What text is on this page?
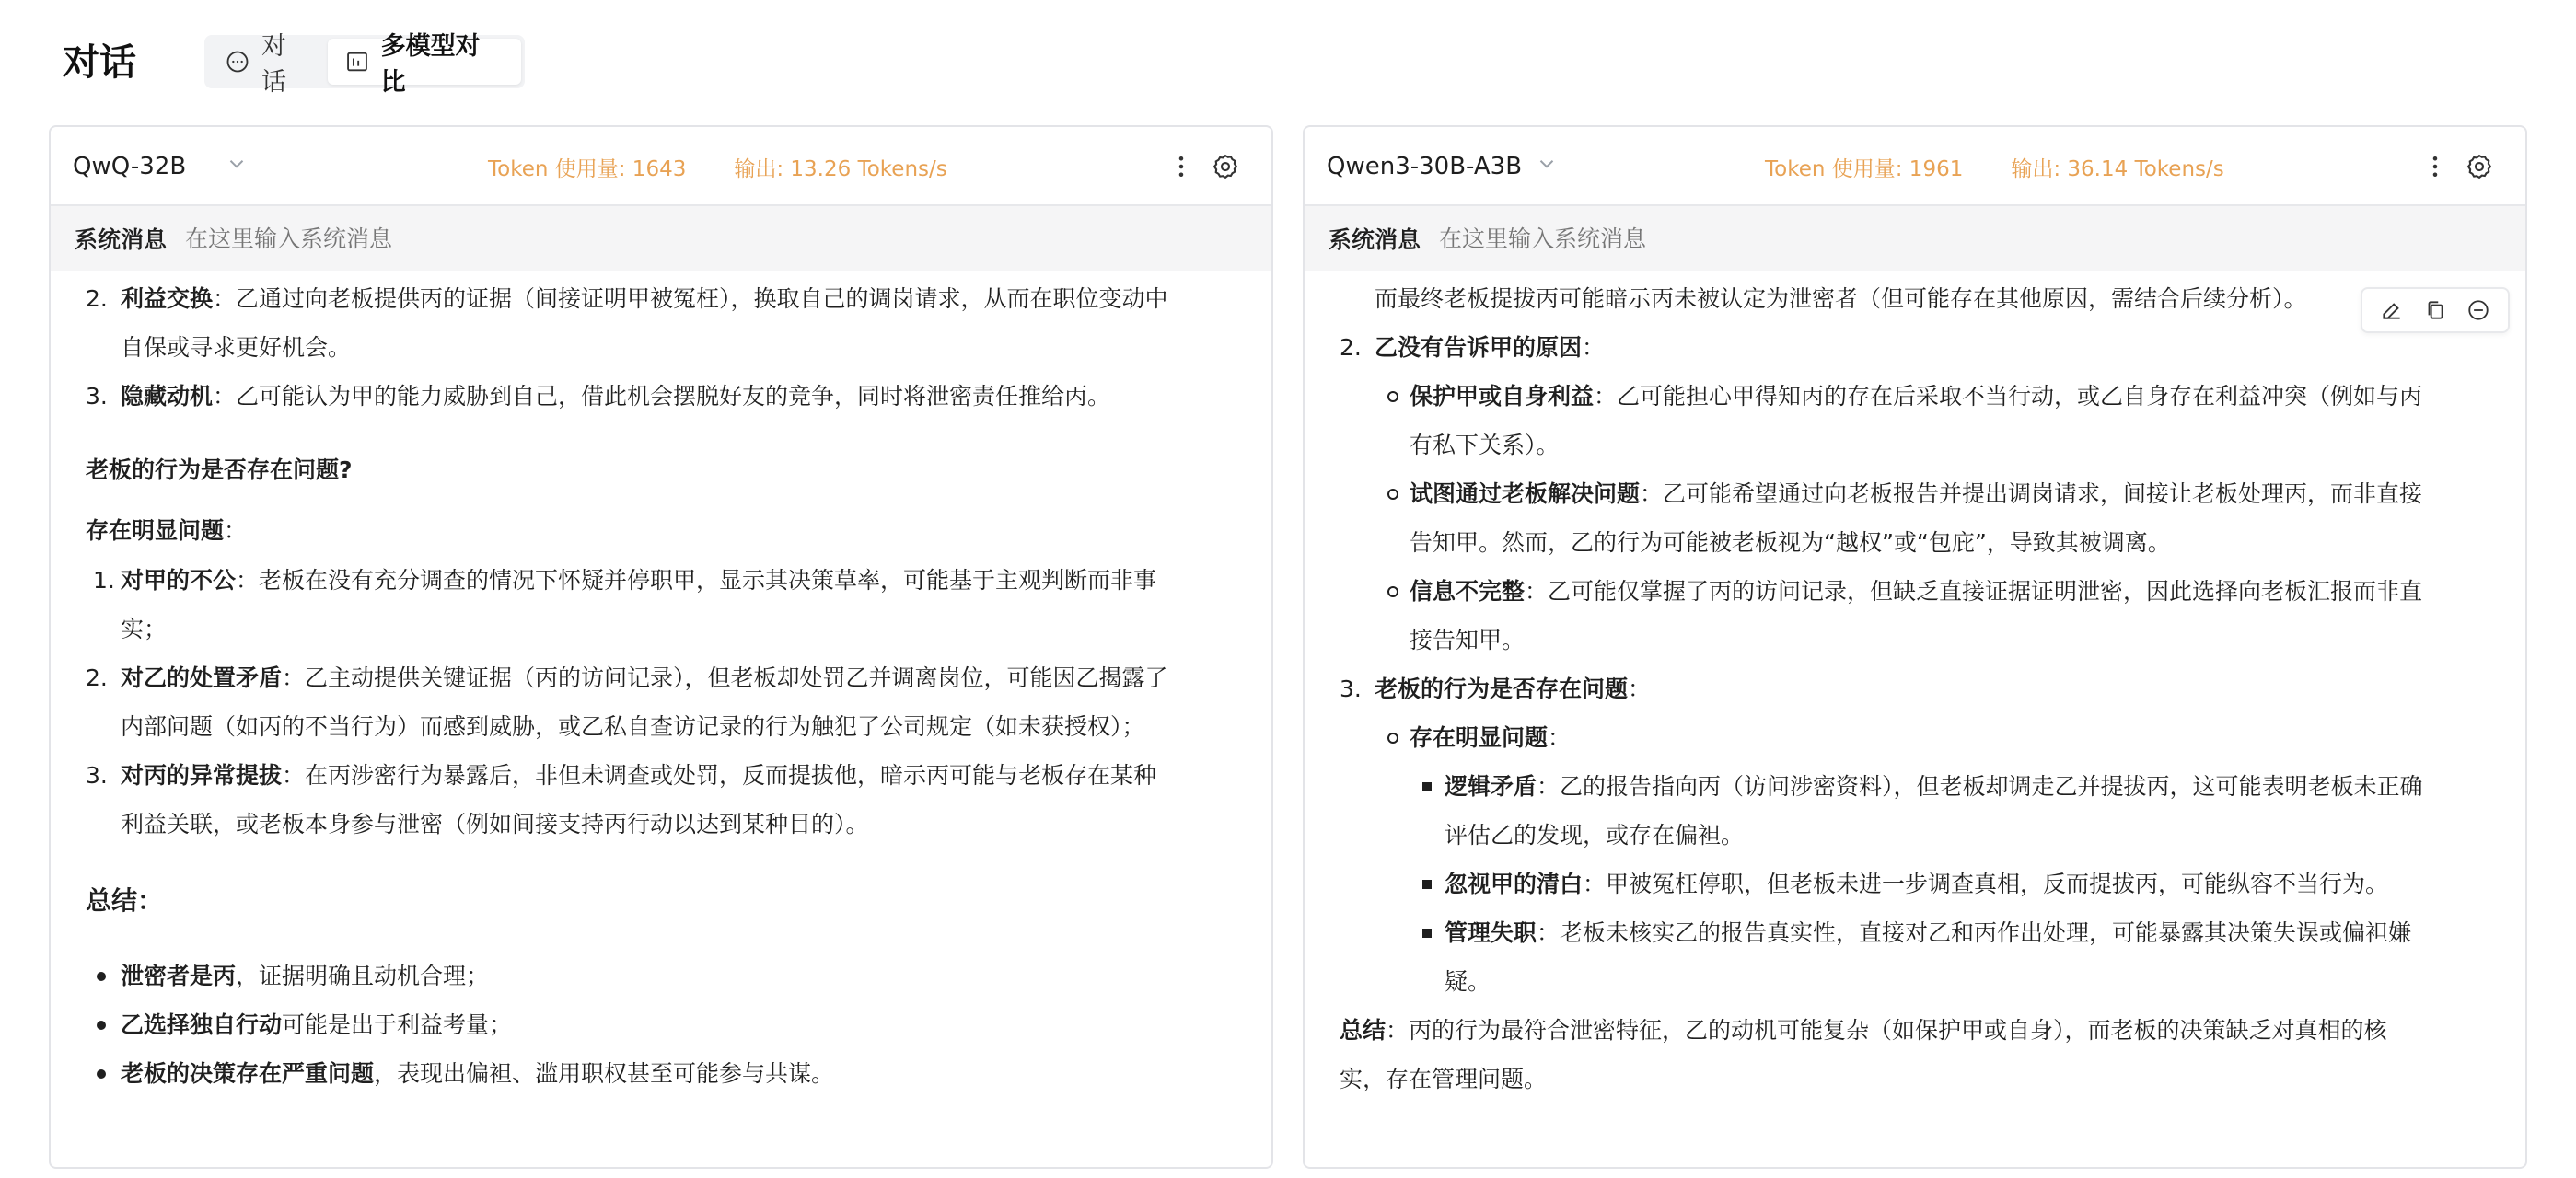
对话	对话
多模型对比
QwQ-32B	Token 使用量: 1643 输出: 13.26 Tokens/s
系统消息
在这里输入系统消息
2. 利益交换：乙通过向老板提供丙的证据（间接证明甲被冤枉），换取自己的调岗请求，从而在职位变动中
自保或寻求更好机会。
3. 隐藏动机：乙可能认为甲的能力威胁到自己，借此机会摆脱好友的竞争，同时将泄密责任推给丙。
老板的行为是否存在问题?
存在明显问题：
1. 对甲的不公：老板在没有充分调查的情况下怀疑并停职甲，显示其决策草率，可能基于主观判断而非事
实；
2. 对乙的处置矛盾：乙主动提供关键证据（丙的访问记录），但老板却处罚乙并调离岗位，可能因乙揭露了
内部问题（如丙的不当行为）而感到威胁，或乙私自查访记录的行为触犯了公司规定（如未获授权）；
3. 对丙的异常提拔：在丙涉密行为暴露后，非但未调查或处罚，反而提拔他，暗示丙可能与老板存在某种
利益关联，或老板本身参与泄密（例如间接支持丙行动以达到某种目的）。
总结：
泄密者是丙，证据明确且动机合理；
乙选择独自行动可能是出于利益考量；
老板的决策存在严重问题，表现出偏袒、滥用职权甚至可能参与共谋。
Qwen3-30B-A3B	Token 使用量: 1961 输出: 36.14 Tokens/s
系统消息
在这里输入系统消息
而最终老板提拔丙可能暗示丙未被认定为泄密者（但可能存在其他原因，需结合后续分析）。
2. 乙没有告诉甲的原因：
保护甲或自身利益：乙可能担心甲得知丙的存在后采取不当行动，或乙自身存在利益冲突（例如与丙
有私下关系）。
试图通过老板解决问题：乙可能希望通过向老板报告并提出调岗请求，间接让老板处理丙，而非直接
告知甲。然而，乙的行为可能被老板视为“越权”或“包庇”，导致其被调离。
信息不完整：乙可能仅掌握了丙的访问记录，但缺乏直接证据证明泄密，因此选择向老板汇报而非直
接告知甲。
3. 老板的行为是否存在问题：
存在明显问题：
逻辑矛盾：乙的报告指向丙（访问涉密资料），但老板却调走乙并提拔丙，这可能表明老板未正确
评估乙的发现，或存在偏袒。
忽视甲的清白：甲被冤枉停职，但老板未进一步调查真相，反而提拔丙，可能纵容不当行为。
管理失职：老板未核实乙的报告真实性，直接对乙和丙作出处理，可能暴露其决策失误或偏袒嫌
疑。
总结：丙的行为最符合泄密特征，乙的动机可能复杂（如保护甲或自身），而老板的决策缺乏对真相的核
实，存在管理问题。
